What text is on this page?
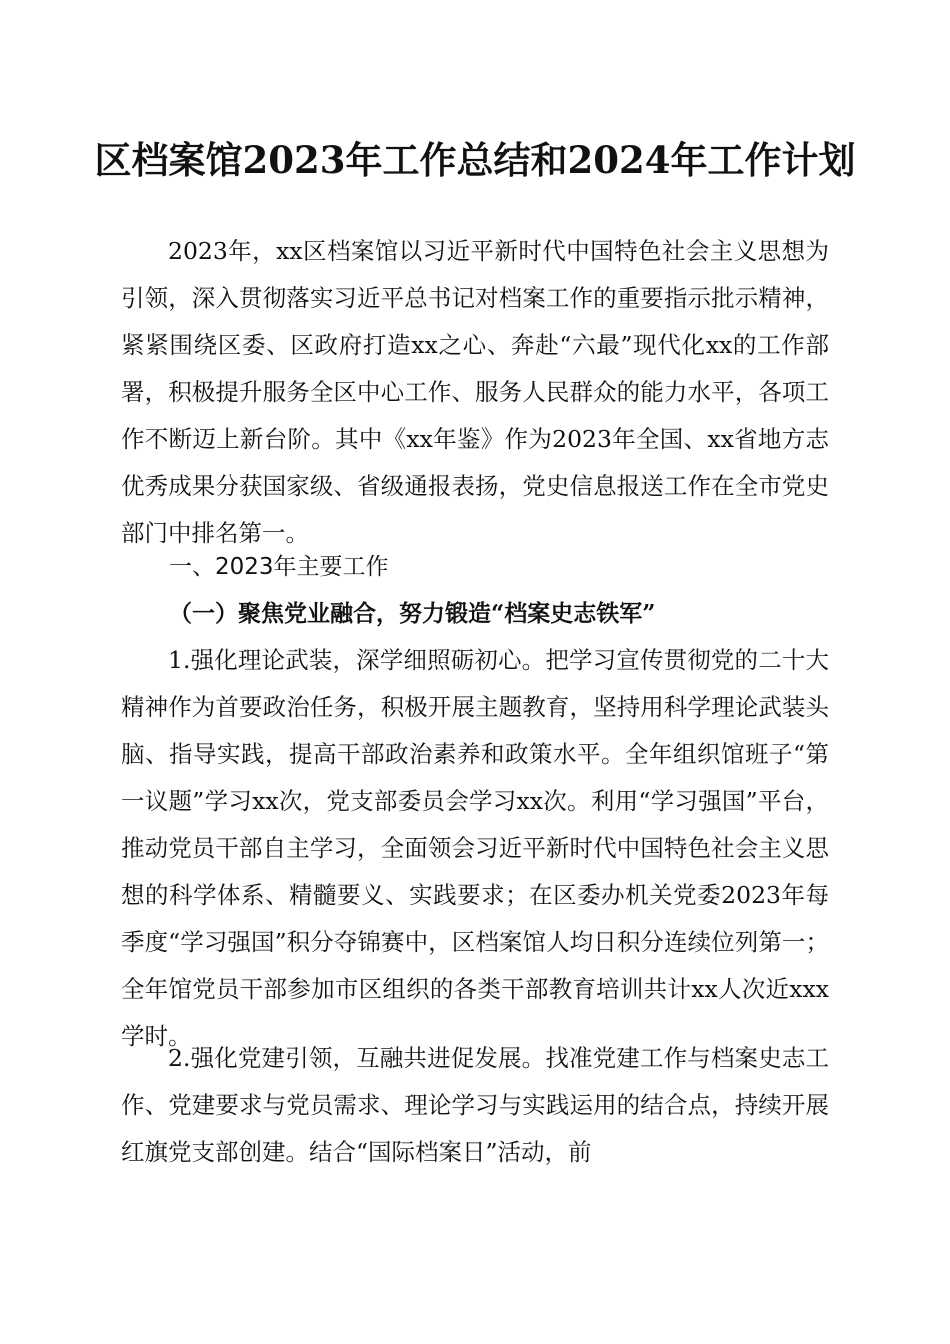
区档案馆2023年工作总结和2024年工作计划

2023年，xx区档案馆以习近平新时代中国特色社会主义思想为引领，深入贯彻落实习近平总书记对档案工作的重要指示批示精神，紧紧围绕区委、区政府打造xx之心、奔赴“六最”现代化xx的工作部署，积极提升服务全区中心工作、服务人民群众的能力水平，各项工作不断迈上新台阶。其中《xx年鉴》作为2023年全国、xx省地方志优秀成果分获国家级、省级通报表扬，党史信息报送工作在全市党史部门中排名第一。

一、2023年主要工作
（一）聚焦党业融合，努力锻造“档案史志铁军”

1.强化理论武装，深学细照砺初心。把学习宣传贯彻党的二十大精神作为首要政治任务，积极开展主题教育，坚持用科学理论武装头脑、指导实践，提高干部政治素养和政策水平。全年组织馆班子“第一议题”学习xx次，党支部委员会学习xx次。利用“学习强国”平台，推动党员干部自主学习，全面领会习近平新时代中国特色社会主义思想的科学体系、精髓要义、实践要求；在区委办机关党委2023年每季度“学习强国”积分夺锦赛中，区档案馆人均日积分连续位列第一；全年馆党员干部参加市区组织的各类干部教育培训共计xx人次近xxx学时。

2.强化党建引领，互融共进促发展。找准党建工作与档案史志工作、党建要求与党员需求、理论学习与实践运用的结合点，持续开展红旗党支部创建。结合“国际档案日”活动，前
